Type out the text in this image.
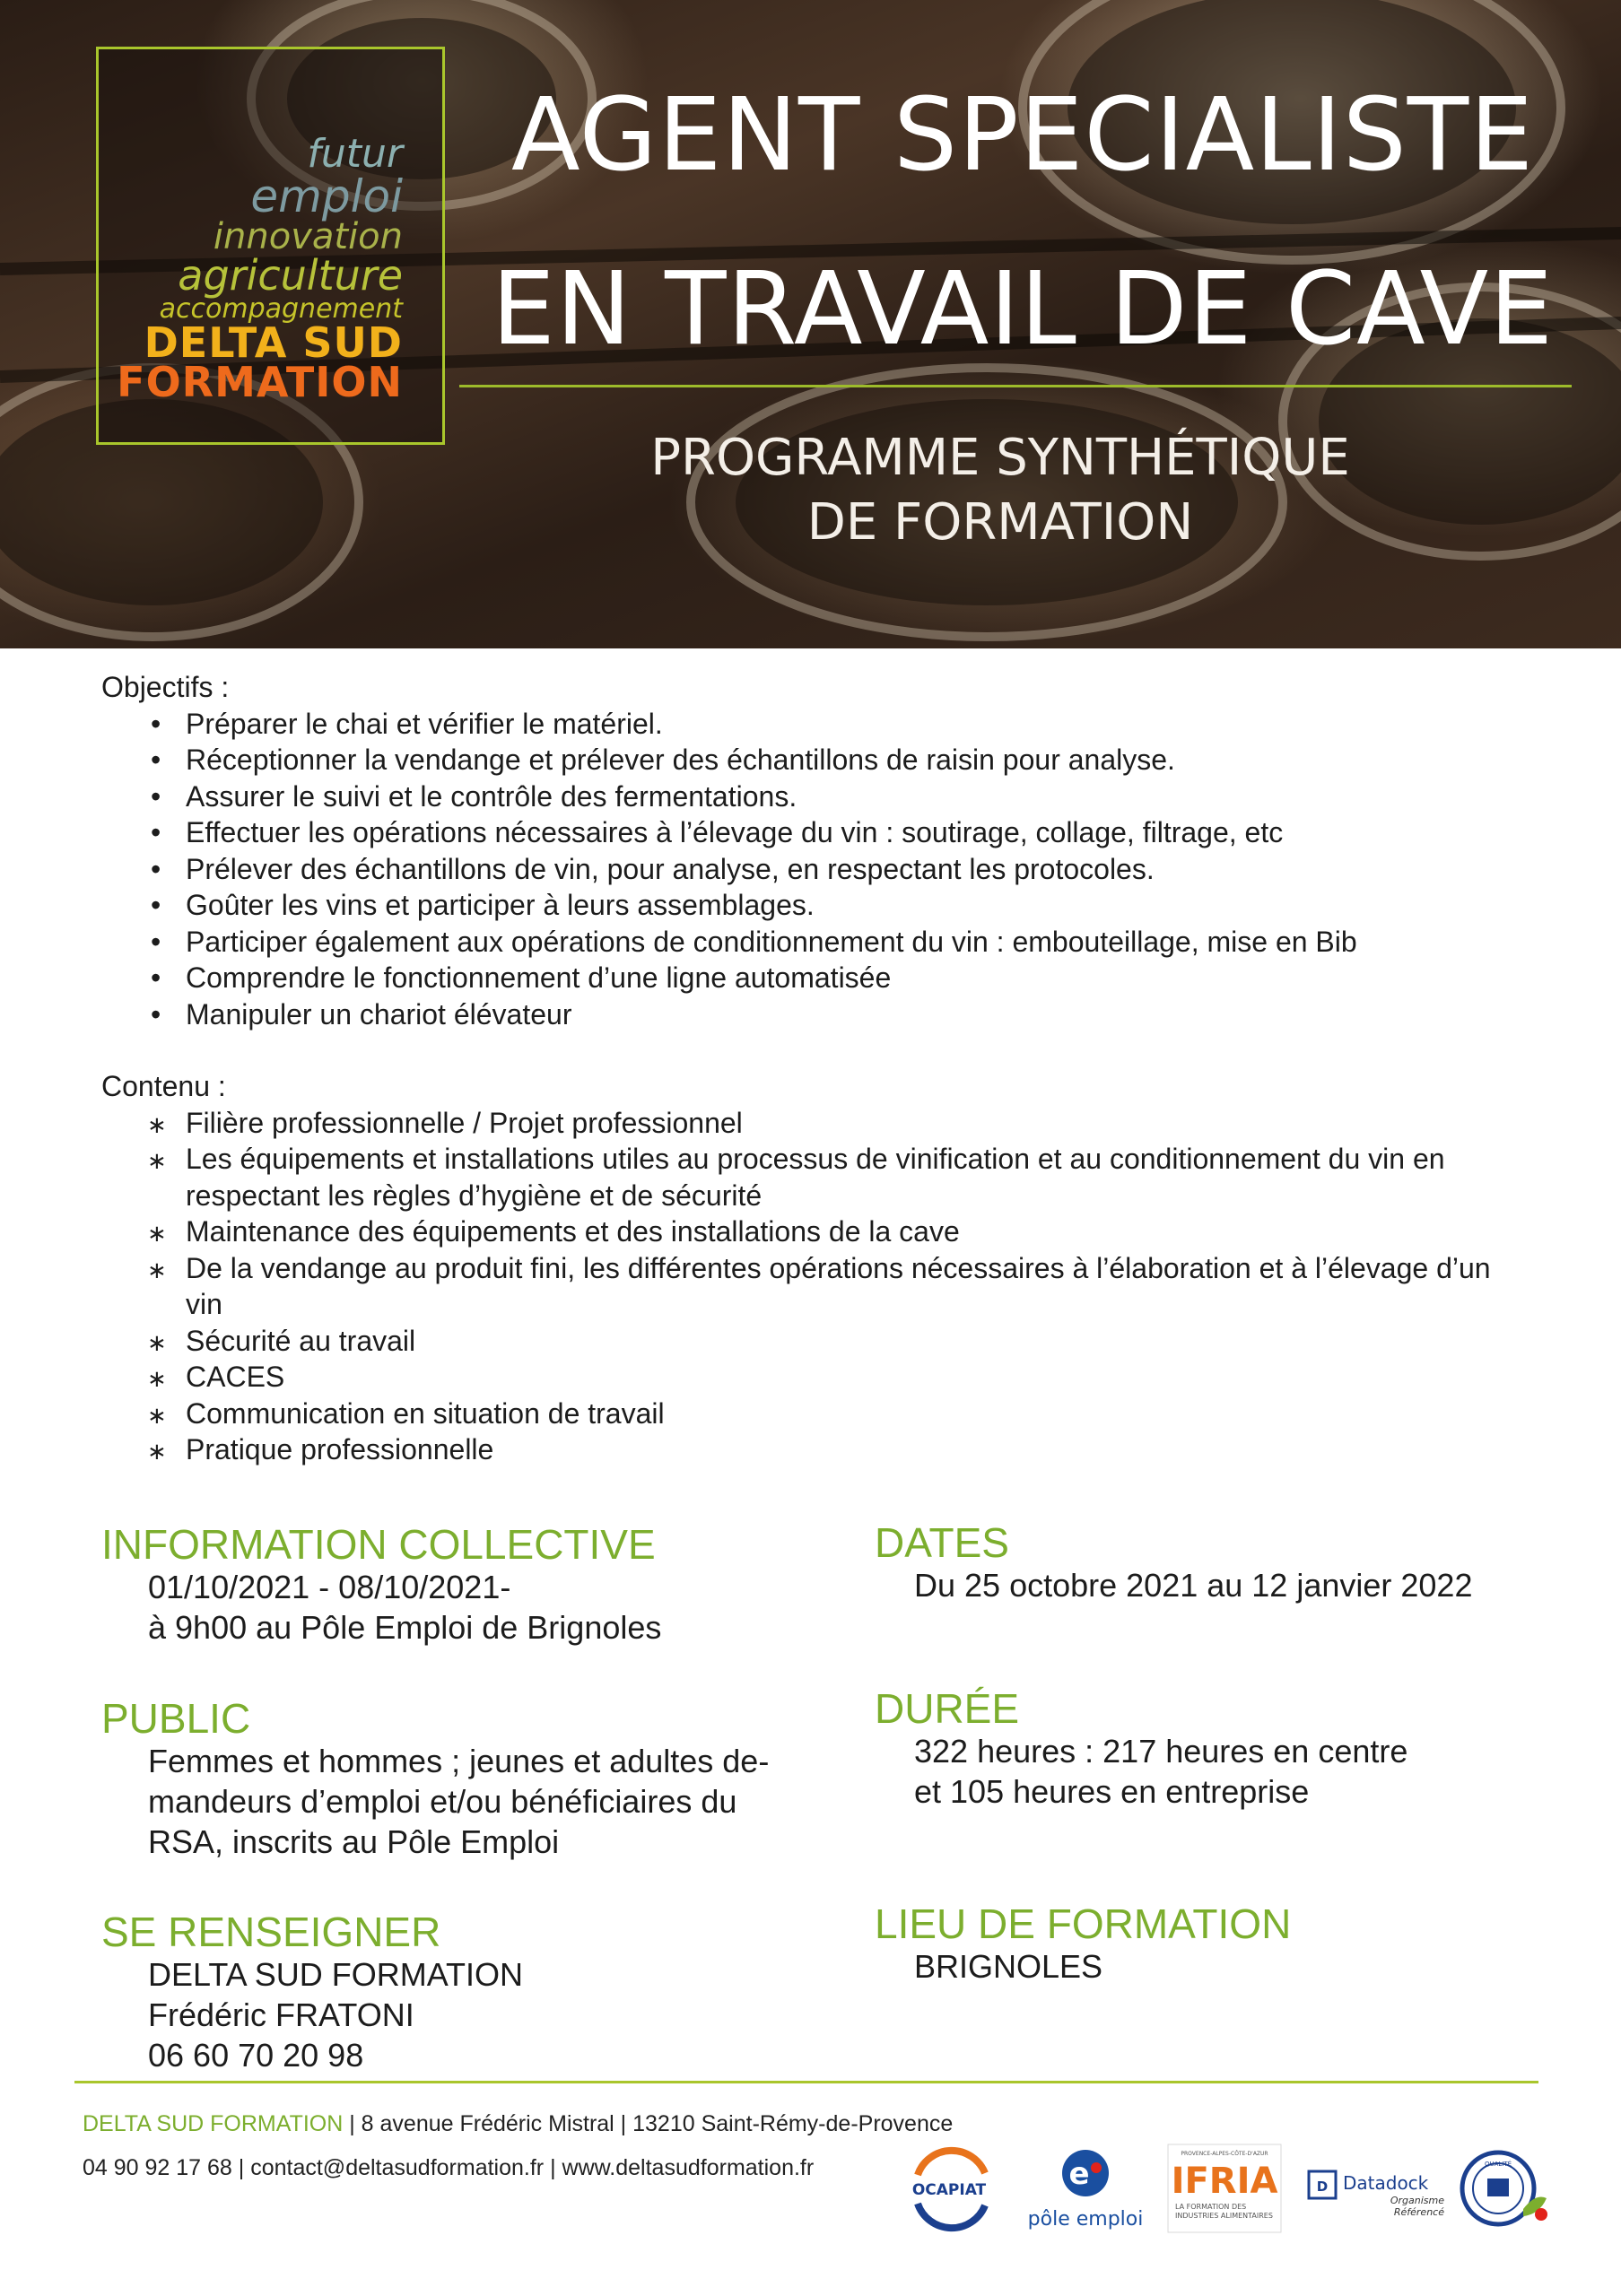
futur
emploi
innovation
agriculture
accompagnement
DELTA SUD
FORMATION
AGENT SPECIALISTE
EN TRAVAIL DE CAVE
PROGRAMME SYNTHÉTIQUE
DE FORMATION
Objectifs :
• Préparer le chai et vérifier le matériel.
• Réceptionner la vendange et prélever des échantillons de raisin pour analyse.
• Assurer le suivi et le contrôle des fermentations.
• Effectuer les opérations nécessaires à l’élevage du vin : soutirage, collage, filtrage, etc
• Prélever des échantillons de vin, pour analyse, en respectant les protocoles.
• Goûter les vins et participer à leurs assemblages.
• Participer également aux opérations de conditionnement du vin : embouteillage, mise en Bib
• Comprendre le fonctionnement d’une ligne automatisée
• Manipuler un chariot élévateur
Contenu :
∗ Filière professionnelle / Projet professionnel
∗ Les équipements et installations utiles au processus de vinification et au conditionnement du vin en respectant les règles d’hygiène et de sécurité
∗ Maintenance des équipements et des installations de la cave
∗ De la vendange au produit fini, les différentes opérations nécessaires à l’élaboration et à l’élevage d’un vin
∗ Sécurité au travail
∗ CACES
∗ Communication en situation de travail
∗ Pratique professionnelle
INFORMATION COLLECTIVE
01/10/2021 - 08/10/2021-
à 9h00 au Pôle Emploi de Brignoles
PUBLIC
Femmes et hommes ; jeunes et adultes de-
mandeurs d’emploi et/ou bénéficiaires du
RSA, inscrits au Pôle Emploi
SE RENSEIGNER
DELTA SUD FORMATION
Frédéric FRATONI
06 60 70 20 98
DATES
Du 25 octobre 2021 au 12 janvier 2022
DURÉE
322 heures : 217 heures en centre
et 105 heures en entreprise
LIEU DE FORMATION
BRIGNOLES
DELTA SUD FORMATION | 8 avenue Frédéric Mistral | 13210 Saint-Rémy-de-Provence
04 90 92 17 68 | contact@deltasudformation.fr | www.deltasudformation.fr
OCAPIAT	e
pôle emploi
PROVENCE-ALPES-CÔTE-D'AZUR
IFRIA
LA FORMATION DES
INDUSTRIES ALIMENTAIRES
D Datadock
Organisme
Référencé
QUALITÉ
